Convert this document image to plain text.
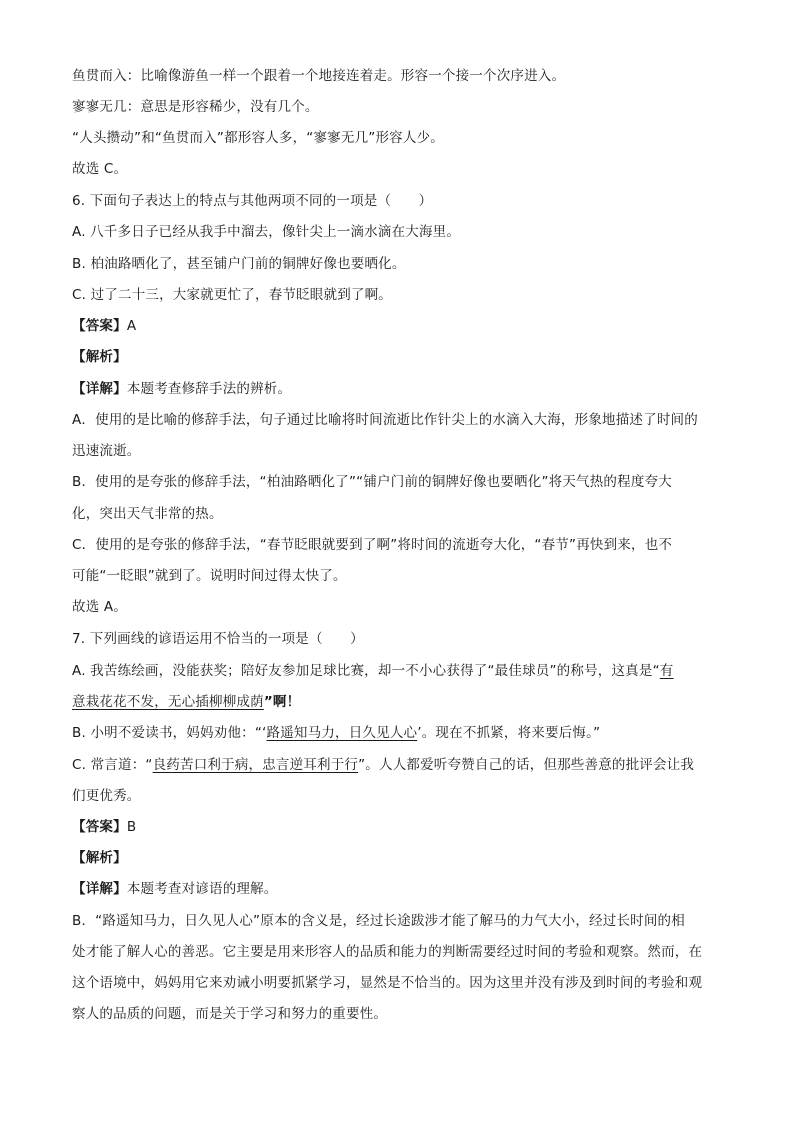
鱼贯而入：比喻像游鱼一样一个跟着一个地接连着走。形容一个接一个次序进入。
寥寥无几：意思是形容稀少，没有几个。
“人头攒动”和“鱼贯而入”都形容人多，“寥寥无几”形容人少。
故选 C。
6. 下面句子表达上的特点与其他两项不同的一项是（　　）
A. 八千多日子已经从我手中溜去，像针尖上一滴水滴在大海里。
B. 柏油路晒化了，甚至铺户门前的铜牌好像也要晒化。
C. 过了二十三，大家就更忙了，春节眨眼就到了啊。
【答案】A
【解析】
【详解】本题考查修辞手法的辨析。
A．使用的是比喻的修辞手法，句子通过比喻将时间流逝比作针尖上的水滴入大海，形象地描述了时间的
迅速流逝。
B．使用的是夸张的修辞手法，“柏油路晒化了”“铺户门前的铜牌好像也要晒化”将天气热的程度夸大
化，突出天气非常的热。
C．使用的是夸张的修辞手法，“春节眨眼就要到了啊”将时间的流逝夸大化，“春节”再快到来，也不
可能“一眨眼”就到了。说明时间过得太快了。
故选 A。
7. 下列画线的谚语运用不恰当的一项是（　　）
A. 我苦练绘画，没能获奖；陪好友参加足球比赛，却一不小心获得了“最佳球员”的称号，这真是“有
意栽花花不发，无心插柳柳成荫”啊！
B. 小明不爱读书，妈妈劝他：“‘路遥知马力，日久见人心’。现在不抓紧，将来要后悔。”
C. 常言道：“良药苦口利于病，忠言逆耳利于行”。人人都爱听夸赞自己的话，但那些善意的批评会让我
们更优秀。
【答案】B
【解析】
【详解】本题考查对谚语的理解。
B．“路遥知马力，日久见人心”原本的含义是，经过长途跋涉才能了解马的力气大小，经过长时间的相
处才能了解人心的善恶。它主要是用来形容人的品质和能力的判断需要经过时间的考验和观察。然而，在
这个语境中，妈妈用它来劝诫小明要抓紧学习，显然是不恰当的。因为这里并没有涉及到时间的考验和观
察人的品质的问题，而是关于学习和努力的重要性。
